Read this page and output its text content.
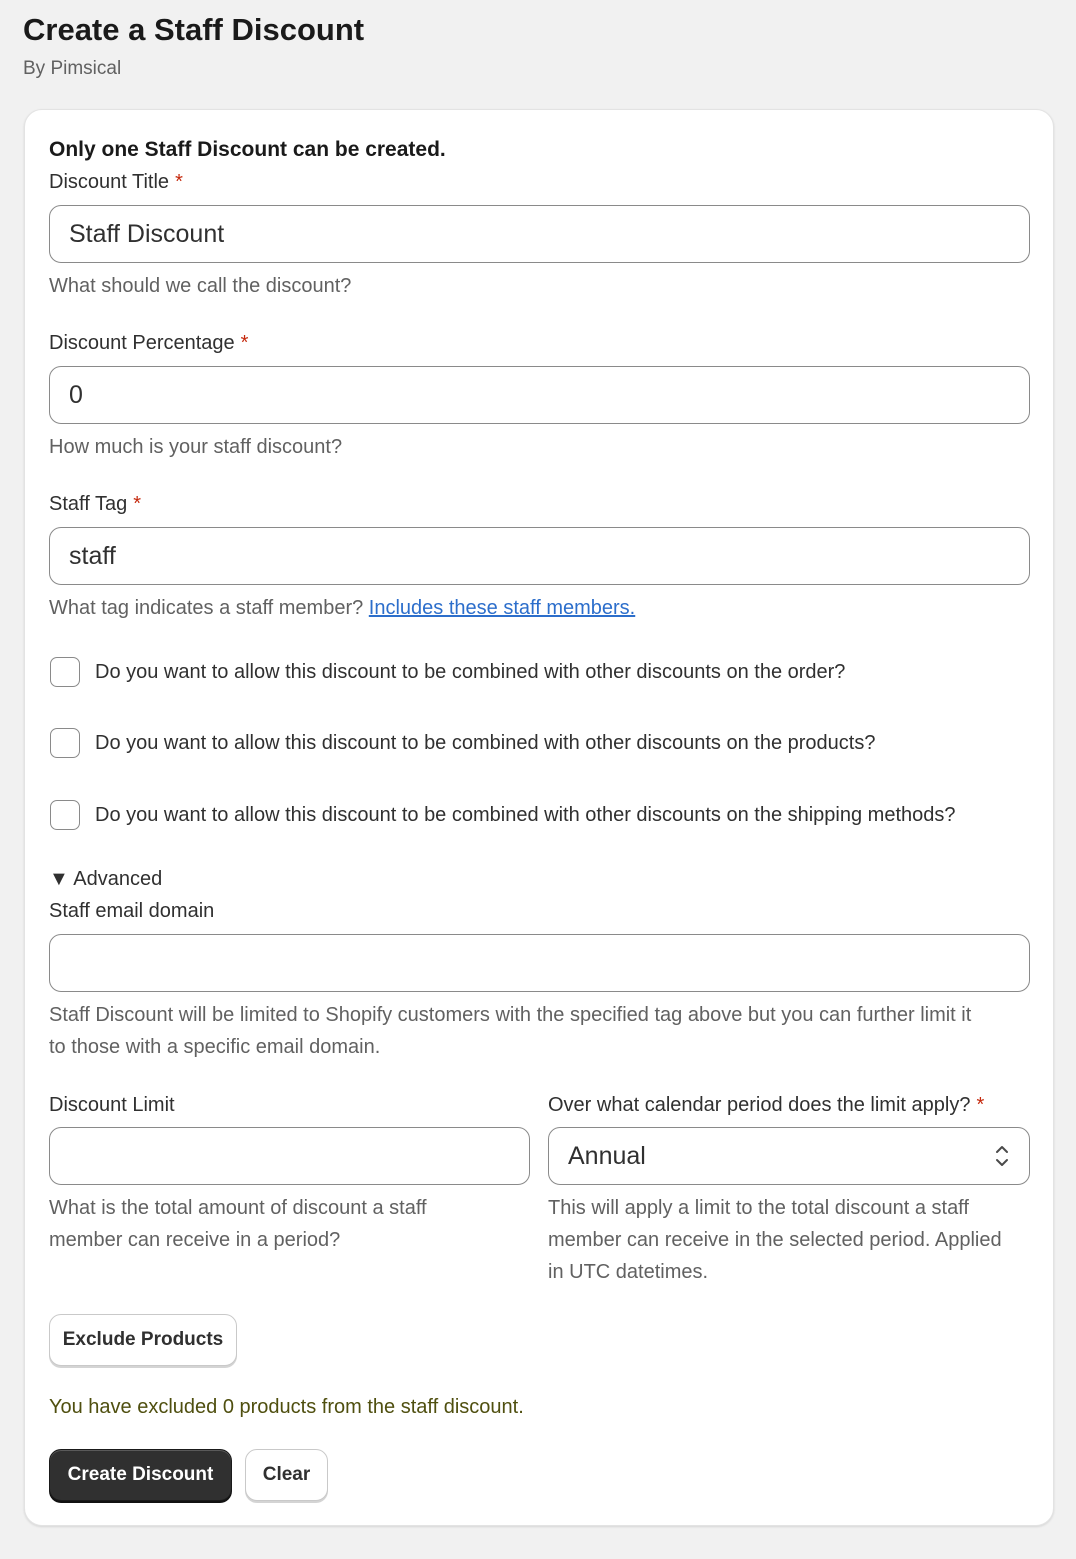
Create a Staff Discount
By Pimsical
Only one Staff Discount can be created.
Discount Title *
Staff Discount
What should we call the discount?
Discount Percentage *
0
How much is your staff discount?
Staff Tag *
staff
What tag indicates a staff member? Includes these staff members.
Do you want to allow this discount to be combined with other discounts on the order?
Do you want to allow this discount to be combined with other discounts on the products?
Do you want to allow this discount to be combined with other discounts on the shipping methods?
▼ Advanced
Staff email domain
Staff Discount will be limited to Shopify customers with the specified tag above but you can further limit it
to those with a specific email domain.
Discount Limit
What is the total amount of discount a staff
member can receive in a period?
Over what calendar period does the limit apply? *
Annual
This will apply a limit to the total discount a staff
member can receive in the selected period. Applied
in UTC datetimes.
Exclude Products
You have excluded 0 products from the staff discount.
Create Discount	Clear
